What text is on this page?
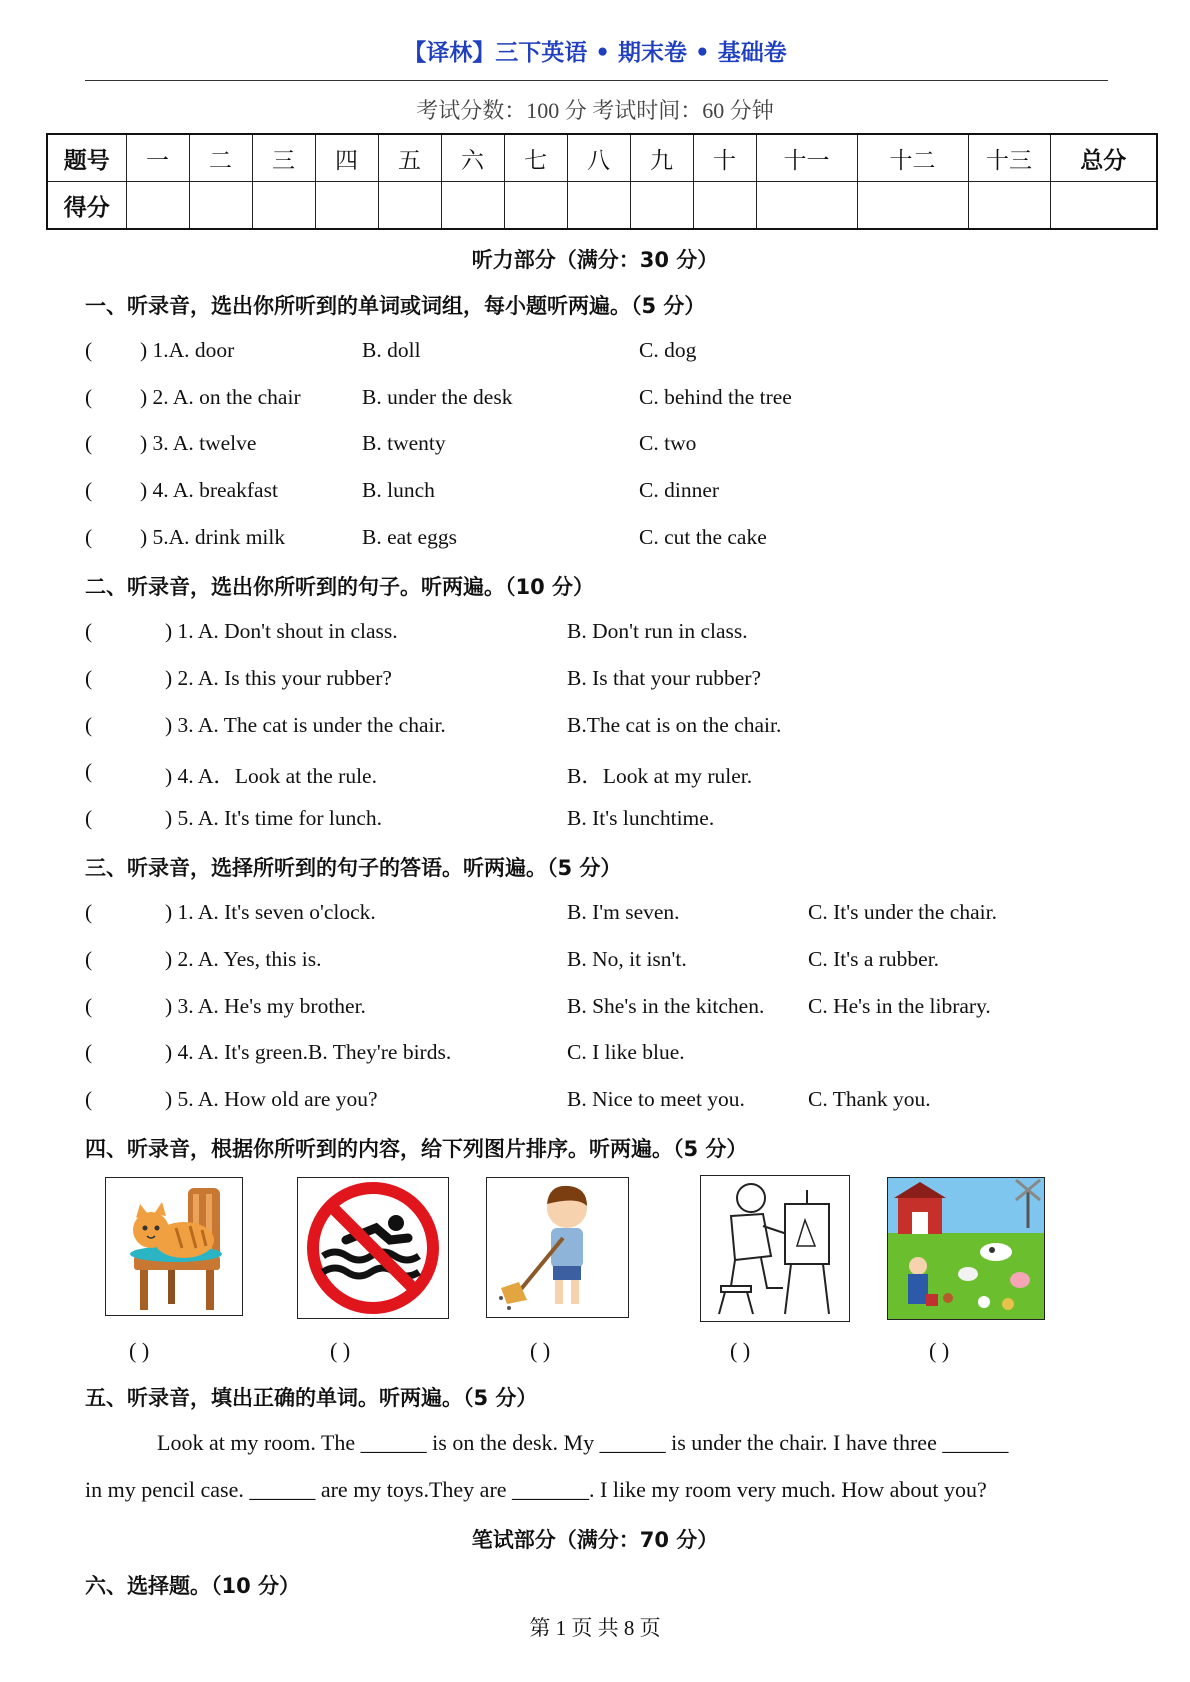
【译林】三下英语 • 期末卷 • 基础卷
考试分数：100 分 考试时间：60 分钟
题号	一	二	三	四	五	六	七	八	九	十	十一	十二	十三	总分
得分														
听力部分（满分：30 分）
一、听录音，选出你所听到的单词或词组，每小题听两遍。（5 分）
( ) 1.A. door	B. doll	C. dog
( ) 2. A. on the chair	B. under the desk	C. behind the tree
( ) 3. A. twelve	B. twenty	C. two
( ) 4. A. breakfast	B. lunch	C. dinner
( ) 5.A. drink milk	B. eat eggs	C. cut the cake
二、听录音，选出你所听到的句子。听两遍。（10 分）
(	) 1. A. Don't shout in class.	B. Don't run in class.
(	) 2. A. Is this your rubber?	B. Is that your rubber?
(	) 3. A. The cat is under the chair.	B.The cat is on the chair.
(	) 4. A．Look at the rule.	B．Look at my ruler.
(	) 5. A. It's time for lunch.	B. It's lunchtime.
三、听录音，选择所听到的句子的答语。听两遍。（5 分）
(	) 1. A. It's seven o'clock.	B. I'm seven.	C. It's under the chair.
(	) 2. A. Yes, this is.	B. No, it isn't.	C. It's a rubber.
(	) 3. A. He's my brother.	B. She's in the kitchen. C. He's in the library.
(	) 4. A. It's green.B. They're birds.	C. I like blue.
(	) 5. A. How old are you?	B. Nice to meet you.	C. Thank you.
四、听录音，根据你所听到的内容，给下列图片排序。听两遍。（5 分）
( )	( )	( )	( )	( )
五、听录音，填出正确的单词。听两遍。（5 分）
Look at my room. The ______ is on the desk. My ______ is under the chair. I have three ______
in my pencil case. ______ are my toys.They are _______. I like my room very much. How about you?
笔试部分（满分：70 分）
六、选择题。（10 分）
第 1 页 共 8 页
